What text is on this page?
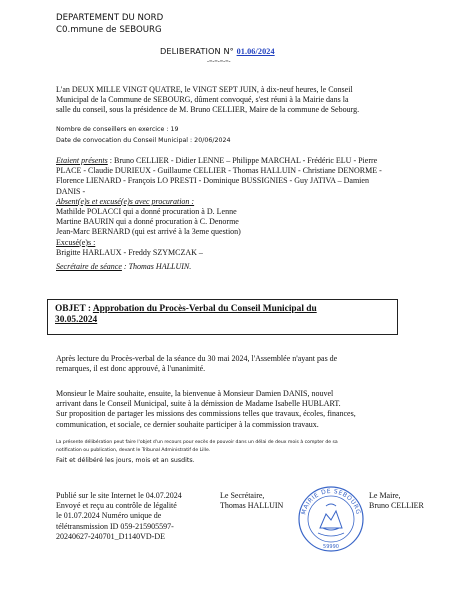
DEPARTEMENT DU NORD
C0.mmune de SEBOURG
DELIBERATION N° 01.06/2024
-=-=-=-=-
L'an DEUX MILLE VINGT QUATRE, le VINGT SEPT JUIN, à dix-neuf heures, le Conseil
Municipal de la Commune de SEBOURG, dûment convoqué, s'est réuni à la Mairie dans la
salle du conseil, sous la présidence de M. Bruno CELLIER, Maire de la commune de Sebourg.
Nombre de conseillers en exercice : 19
Date de convocation du Conseil Municipal : 20/06/2024
Etaient présents : Bruno CELLIER - Didier LENNE – Philippe MARCHAL - Frédéric ELU - Pierre
PLACE - Claudie DURIEUX - Guillaume CELLIER - Thomas HALLUIN - Christiane DENORME -
Florence LIENARD - François LO PRESTI - Dominique BUSSIGNIES - Guy JATIVA – Damien
DANIS -
Absent(e)s et excusé(e)s avec procuration :
Mathilde POLACCI qui a donné procuration à D. Lenne
Martine BAURIN qui a donné procuration à C. Denorme
Jean-Marc BERNARD (qui est arrivé à la 3eme question)
Excusé(e)s :
Brigitte HARLAUX - Freddy SZYMCZAK –
Secrétaire de séance : Thomas HALLUIN.
OBJET : Approbation du Procès-Verbal du Conseil Municipal du
30.05.2024
Après lecture du Procès-verbal de la séance du 30 mai 2024, l'Assemblée n'ayant pas de
remarques, il est donc approuvé, à l'unanimité.
Monsieur le Maire souhaite, ensuite, la bienvenue à Monsieur Damien DANIS, nouvel
arrivant dans le Conseil Municipal, suite à la démission de Madame Isabelle HUBLART.
Sur proposition de partager les missions des commissions telles que travaux, écoles, finances,
communication, et sociale, ce dernier souhaite participer à la commission travaux.
La présente délibération peut faire l'objet d'un recours pour excès de pouvoir dans un délai de deux mois à compter de sa
notification ou publication, devant le Tribunal Administratif de Lille.
Fait et délibéré les jours, mois et an susdits.
Publié sur le site Internet le 04.07.2024
Envoyé et reçu au contrôle de légalité
le 01.07.2024 Numéro unique de
télétransmission ID 059-215905597-
20240627-240701_D1140VD-DE
Le Secrétaire,
Thomas HALLUIN
Le Maire,
Bruno CELLIER
MAIRIE DE SEBOURG
59990
